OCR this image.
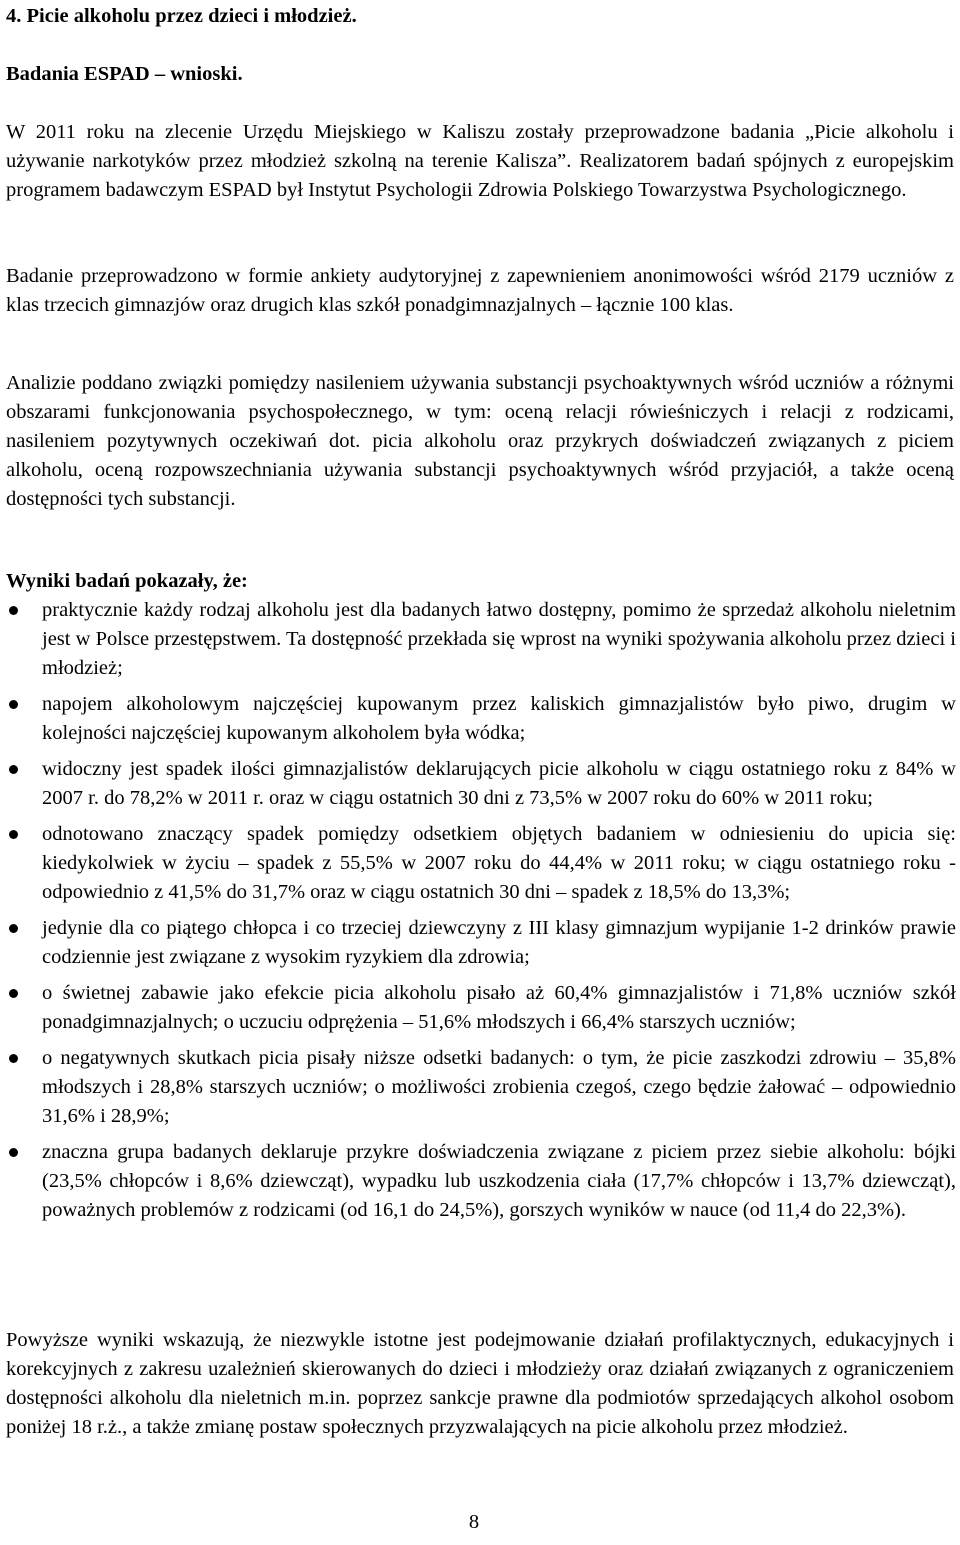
4. Picie alkoholu przez dzieci i młodzież.

Badania ESPAD – wnioski.

W 2011 roku na zlecenie Urzędu Miejskiego w Kaliszu zostały przeprowadzone badania „Picie alkoholu i używanie narkotyków przez młodzież szkolną na terenie Kalisza”. Realizatorem badań spójnych z europejskim programem badawczym ESPAD był Instytut Psychologii Zdrowia Polskiego Towarzystwa Psychologicznego.

Badanie przeprowadzono w formie ankiety audytoryjnej z zapewnieniem anonimowości wśród 2179 uczniów z klas trzecich gimnazjów oraz drugich klas szkół ponadgimnazjalnych – łącznie 100 klas.

Analizie poddano związki pomiędzy nasileniem używania substancji psychoaktywnych wśród uczniów a różnymi obszarami funkcjonowania psychospołecznego, w tym: oceną relacji rówieśniczych i relacji z rodzicami, nasileniem pozytywnych oczekiwań dot. picia alkoholu oraz przykrych doświadczeń związanych z piciem alkoholu, oceną rozpowszechniania używania substancji psychoaktywnych wśród przyjaciół, a także oceną dostępności tych substancji.

Wyniki badań pokazały, że:

praktycznie każdy rodzaj alkoholu jest dla badanych łatwo dostępny, pomimo że sprzedaż alkoholu nieletnim jest w Polsce przestępstwem. Ta dostępność przekłada się wprost na wyniki spożywania alkoholu przez dzieci i młodzież;
napojem alkoholowym najczęściej kupowanym przez kaliskich gimnazjalistów było piwo, drugim w kolejności najczęściej kupowanym alkoholem była wódka;
widoczny jest spadek ilości gimnazjalistów deklarujących picie alkoholu w ciągu ostatniego roku z 84% w 2007 r. do 78,2% w 2011 r. oraz w ciągu ostatnich 30 dni z 73,5% w 2007 roku do 60% w 2011 roku;
odnotowano znaczący spadek pomiędzy odsetkiem objętych badaniem w odniesieniu do upicia się: kiedykolwiek w życiu – spadek z 55,5% w 2007 roku do 44,4% w 2011 roku; w ciągu ostatniego roku - odpowiednio z 41,5% do 31,7% oraz w ciągu ostatnich 30 dni – spadek z 18,5% do 13,3%;
jedynie dla co piątego chłopca i co trzeciej dziewczyny z III klasy gimnazjum wypijanie 1-2 drinków prawie codziennie jest związane z wysokim ryzykiem dla zdrowia;
o świetnej zabawie jako efekcie picia alkoholu pisało aż 60,4% gimnazjalistów i 71,8% uczniów szkół ponadgimnazjalnych; o uczuciu odprężenia – 51,6% młodszych i 66,4% starszych uczniów;
o negatywnych skutkach picia pisały niższe odsetki badanych: o tym, że picie zaszkodzi zdrowiu – 35,8% młodszych i 28,8% starszych uczniów; o możliwości zrobienia czegoś, czego będzie żałować – odpowiednio 31,6% i 28,9%;
znaczna grupa badanych deklaruje przykre doświadczenia związane z piciem przez siebie alkoholu: bójki (23,5% chłopców i 8,6% dziewcząt), wypadku lub uszkodzenia ciała (17,7% chłopców i 13,7% dziewcząt), poważnych problemów z rodzicami (od 16,1 do 24,5%), gorszych wyników w nauce (od 11,4 do 22,3%).

Powyższe wyniki wskazują, że niezwykle istotne jest podejmowanie działań profilaktycznych, edukacyjnych i korekcyjnych z zakresu uzależnień skierowanych do dzieci i młodzieży oraz działań związanych z ograniczeniem dostępności alkoholu dla nieletnich m.in. poprzez sankcje prawne dla podmiotów sprzedających alkohol osobom poniżej 18 r.ż., a także zmianę postaw społecznych przyzwalających na picie alkoholu przez młodzież.

8
